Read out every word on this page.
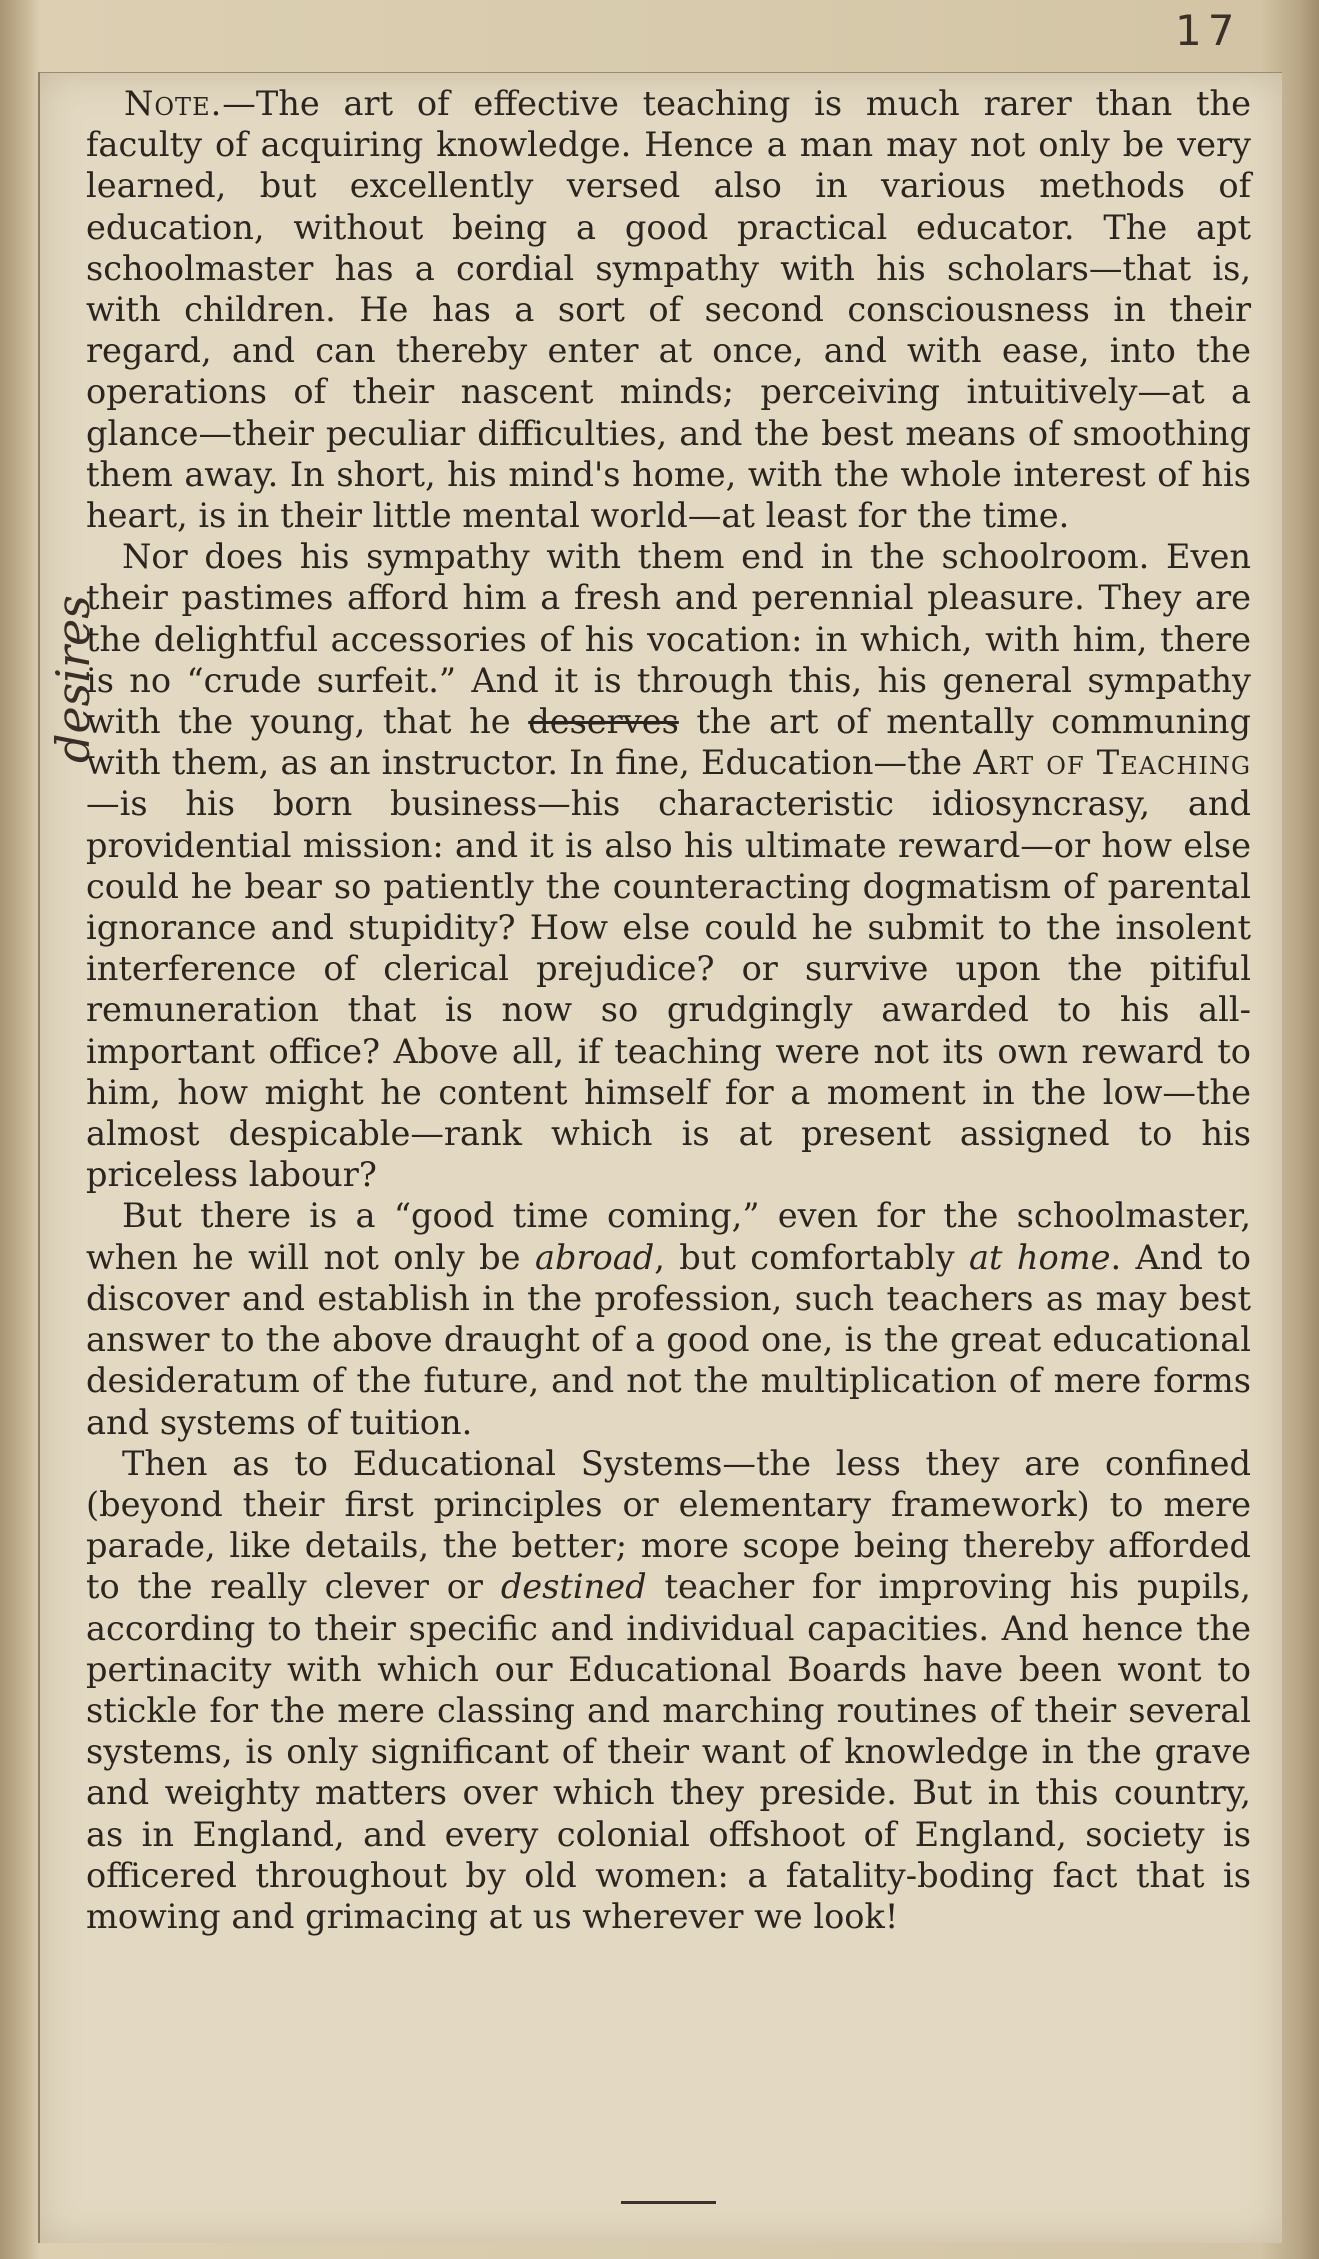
17
desires

Note.—The art of effective teaching is much rarer than the faculty of acquiring knowledge. Hence a man may not only be very learned, but excellently versed also in various methods of education, without being a good practical educator. The apt schoolmaster has a cordial sympathy with his scholars—that is, with children. He has a sort of second consciousness in their regard, and can thereby enter at once, and with ease, into the operations of their nascent minds; perceiving intuitively—at a glance—their peculiar difficulties, and the best means of smoothing them away. In short, his mind's home, with the whole interest of his heart, is in their little mental world—at least for the time.

Nor does his sympathy with them end in the schoolroom. Even their pastimes afford him a fresh and perennial pleasure. They are the delightful accessories of his vocation: in which, with him, there is no “crude surfeit.” And it is through this, his general sympathy with the young, that he deserves the art of mentally communing with them, as an instructor. In fine, Education—the Art of Teaching—is his born business—his characteristic idiosyncrasy, and providential mission: and it is also his ultimate reward—or how else could he bear so patiently the counteracting dogmatism of parental ignorance and stupidity? How else could he submit to the insolent interference of clerical prejudice? or survive upon the pitiful remuneration that is now so grudgingly awarded to his all-important office? Above all, if teaching were not its own reward to him, how might he content himself for a moment in the low—the almost despicable—rank which is at present assigned to his priceless labour?

But there is a “good time coming,” even for the schoolmaster, when he will not only be abroad, but comfortably at home. And to discover and establish in the profession, such teachers as may best answer to the above draught of a good one, is the great educational desideratum of the future, and not the multiplication of mere forms and systems of tuition.

Then as to Educational Systems—the less they are confined (beyond their first principles or elementary framework) to mere parade, like details, the better; more scope being thereby afforded to the really clever or destined teacher for improving his pupils, according to their specific and individual capacities. And hence the pertinacity with which our Educational Boards have been wont to stickle for the mere classing and marching routines of their several systems, is only significant of their want of knowledge in the grave and weighty matters over which they preside. But in this country, as in England, and every colonial offshoot of England, society is officered throughout by old women: a fatality-boding fact that is mowing and grimacing at us wherever we look!
